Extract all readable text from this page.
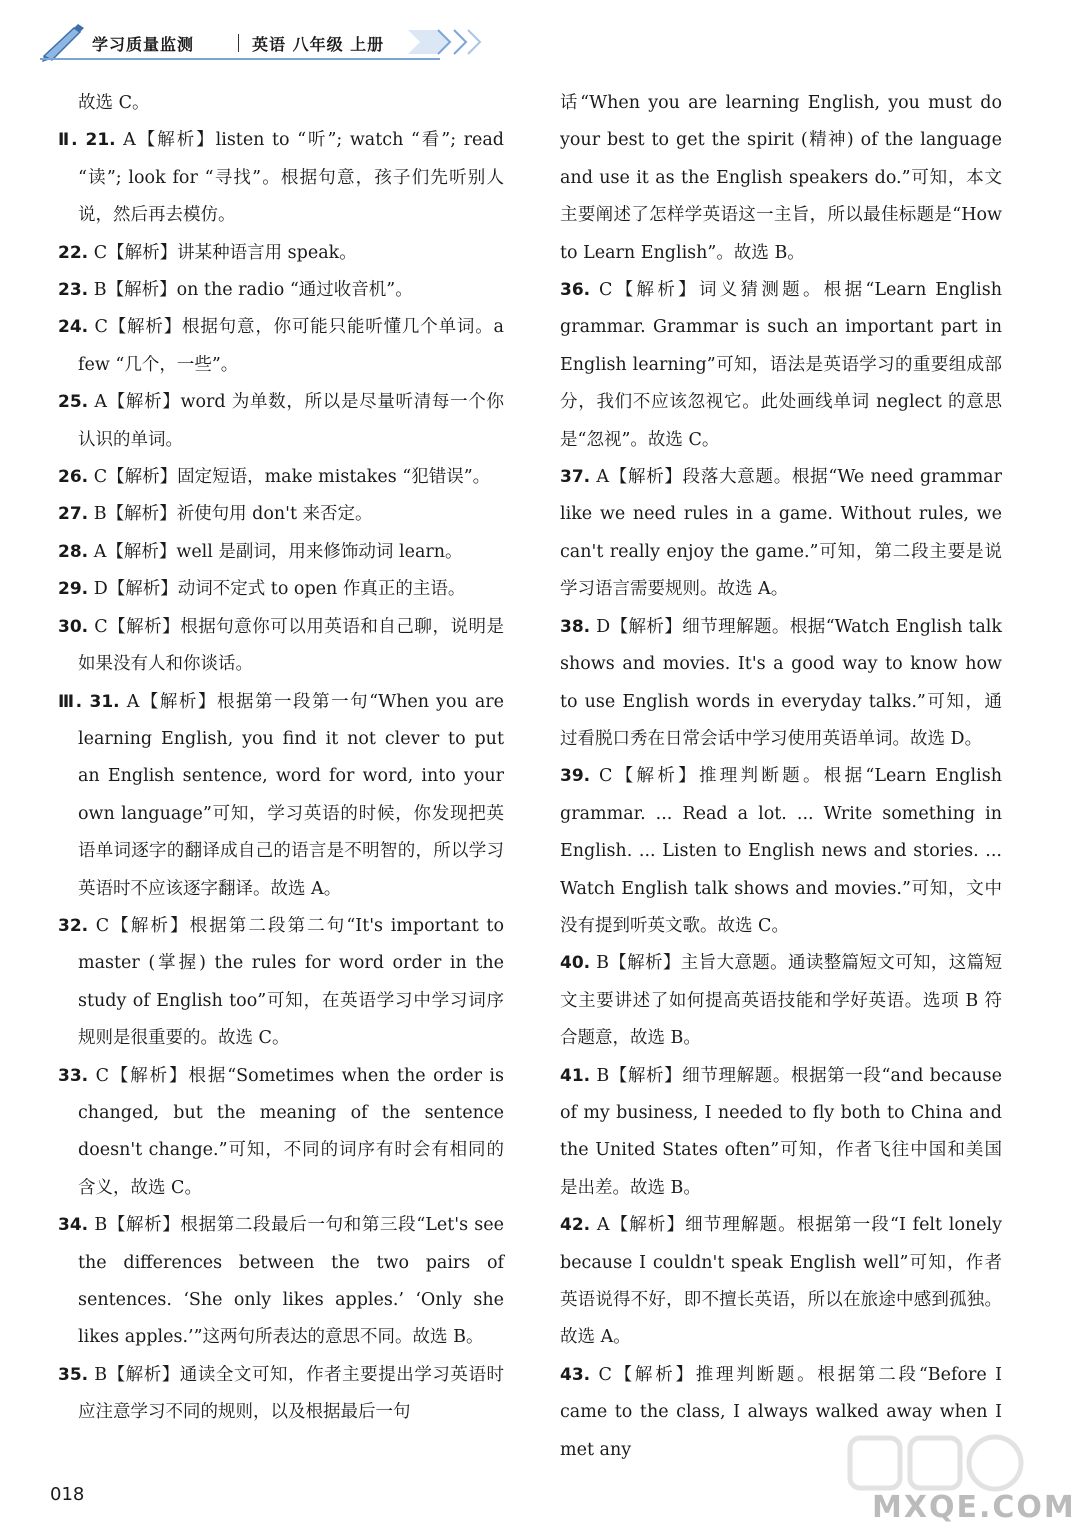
学习质量监测	英语 八年级 上册

故选 C。

Ⅱ. 21. A【解析】listen to “听”; watch “看”; read “读”; look for “寻找”。根据句意，孩子们先听别人说，然后再去模仿。

22. C【解析】讲某种语言用 speak。

23. B【解析】on the radio “通过收音机”。

24. C【解析】根据句意，你可能只能听懂几个单词。a few “几个，一些”。

25. A【解析】word 为单数，所以是尽量听清每一个你认识的单词。

26. C【解析】固定短语，make mistakes “犯错误”。

27. B【解析】祈使句用 don't 来否定。

28. A【解析】well 是副词，用来修饰动词 learn。

29. D【解析】动词不定式 to open 作真正的主语。

30. C【解析】根据句意你可以用英语和自己聊，说明是如果没有人和你谈话。

Ⅲ. 31. A【解析】根据第一段第一句“When you are learning English, you find it not clever to put an English sentence, word for word, into your own language”可知，学习英语的时候，你发现把英语单词逐字的翻译成自己的语言是不明智的，所以学习英语时不应该逐字翻译。故选 A。

32. C【解析】根据第二段第二句“It's important to master (掌握) the rules for word order in the study of English too”可知，在英语学习中学习词序规则是很重要的。故选 C。

33. C【解析】根据“Sometimes when the order is changed, but the meaning of the sentence doesn't change.”可知，不同的词序有时会有相同的含义，故选 C。

34. B【解析】根据第二段最后一句和第三段“Let's see the differences between the two pairs of sentences. ‘She only likes apples.’ ‘Only she likes apples.’”这两句所表达的意思不同。故选 B。

35. B【解析】通读全文可知，作者主要提出学习英语时应注意学习不同的规则，以及根据最后一句

话“When you are learning English, you must do your best to get the spirit (精神) of the language and use it as the English speakers do.”可知，本文主要阐述了怎样学英语这一主旨，所以最佳标题是“How to Learn English”。故选 B。

36. C【解析】词义猜测题。根据“Learn English grammar. Grammar is such an important part in English learning”可知，语法是英语学习的重要组成部分，我们不应该忽视它。此处画线单词 neglect 的意思是“忽视”。故选 C。

37. A【解析】段落大意题。根据“We need grammar like we need rules in a game. Without rules, we can't really enjoy the game.”可知，第二段主要是说学习语言需要规则。故选 A。

38. D【解析】细节理解题。根据“Watch English talk shows and movies. It's a good way to know how to use English words in everyday talks.”可知，通过看脱口秀在日常会话中学习使用英语单词。故选 D。

39. C【解析】推理判断题。根据“Learn English grammar. ... Read a lot. ... Write something in English. ... Listen to English news and stories. ... Watch English talk shows and movies.”可知，文中没有提到听英文歌。故选 C。

40. B【解析】主旨大意题。通读整篇短文可知，这篇短文主要讲述了如何提高英语技能和学好英语。选项 B 符合题意，故选 B。

41. B【解析】细节理解题。根据第一段“and because of my business, I needed to fly both to China and the United States often”可知，作者飞往中国和美国是出差。故选 B。

42. A【解析】细节理解题。根据第一段“I felt lonely because I couldn't speak English well”可知，作者英语说得不好，即不擅长英语，所以在旅途中感到孤独。故选 A。

43. C【解析】推理判断题。根据第二段“Before I came to the class, I always walked away when I met any

018	MXQE.COM
